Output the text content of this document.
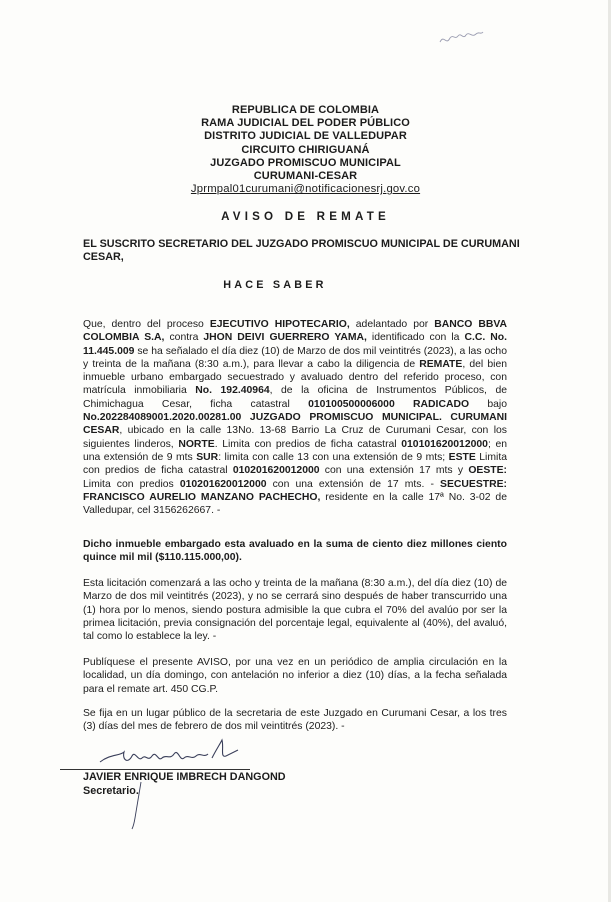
REPUBLICA DE COLOMBIA
RAMA JUDICIAL DEL PODER PÚBLICO
DISTRITO JUDICIAL DE VALLEDUPAR
CIRCUITO CHIRIGUANÁ
JUZGADO PROMISCUO MUNICIPAL
CURUMANI-CESAR
Jprmpal01curumani@notificacionesrj.gov.co
AVISO DE REMATE
EL SUSCRITO SECRETARIO DEL JUZGADO PROMISCUO MUNICIPAL DE CURUMANI CESAR,
HACE SABER
Que, dentro del proceso EJECUTIVO HIPOTECARIO, adelantado por BANCO BBVA COLOMBIA S.A, contra JHON DEIVI GUERRERO YAMA, identificado con la C.C. No. 11.445.009 se ha señalado el día diez (10) de Marzo de dos mil veintitrés (2023), a las ocho y treinta de la mañana (8:30 a.m.), para llevar a cabo la diligencia de REMATE, del bien inmueble urbano embargado secuestrado y avaluado dentro del referido proceso, con matrícula inmobiliaria No. 192.40964, de la oficina de Instrumentos Públicos, de Chimichagua Cesar, ficha catastral 010100500006000 RADICADO bajo No.202284089001.2020.00281.00 JUZGADO PROMISCUO MUNICIPAL. CURUMANI CESAR, ubicado en la calle 13No. 13-68 Barrio La Cruz de Curumani Cesar, con los siguientes linderos, NORTE. Limita con predios de ficha catastral 010101620012000; en una extensión de 9 mts SUR: limita con calle 13 con una extensión de 9 mts; ESTE Limita con predios de ficha catastral 010201620012000 con una extensión 17 mts y OESTE: Limita con predios 010201620012000 con una extensión de 17 mts. - SECUESTRE: FRANCISCO AURELIO MANZANO PACHECHO, residente en la calle 17ª No. 3-02 de Valledupar, cel 3156262667. -
Dicho inmueble embargado esta avaluado en la suma de ciento diez millones ciento quince mil mil ($110.115.000,00).
Esta licitación comenzará a las ocho y treinta de la mañana (8:30 a.m.), del día diez (10) de Marzo de dos mil veintitrés (2023), y no se cerrará sino después de haber transcurrido una (1) hora por lo menos, siendo postura admisible la que cubra el 70% del avalúo por ser la primea licitación, previa consignación del porcentaje legal, equivalente al (40%), del avaluó, tal como lo establece la ley. -
Publíquese el presente AVISO, por una vez en un periódico de amplia circulación en la localidad, un día domingo, con antelación no inferior a diez (10) días, a la fecha señalada para el remate art. 450 CG.P.
Se fija en un lugar público de la secretaria de este Juzgado en Curumani Cesar, a los tres (3) días del mes de febrero de dos mil veintitrés (2023). -
JAVIER ENRIQUE IMBRECH DANGOND
Secretario.
